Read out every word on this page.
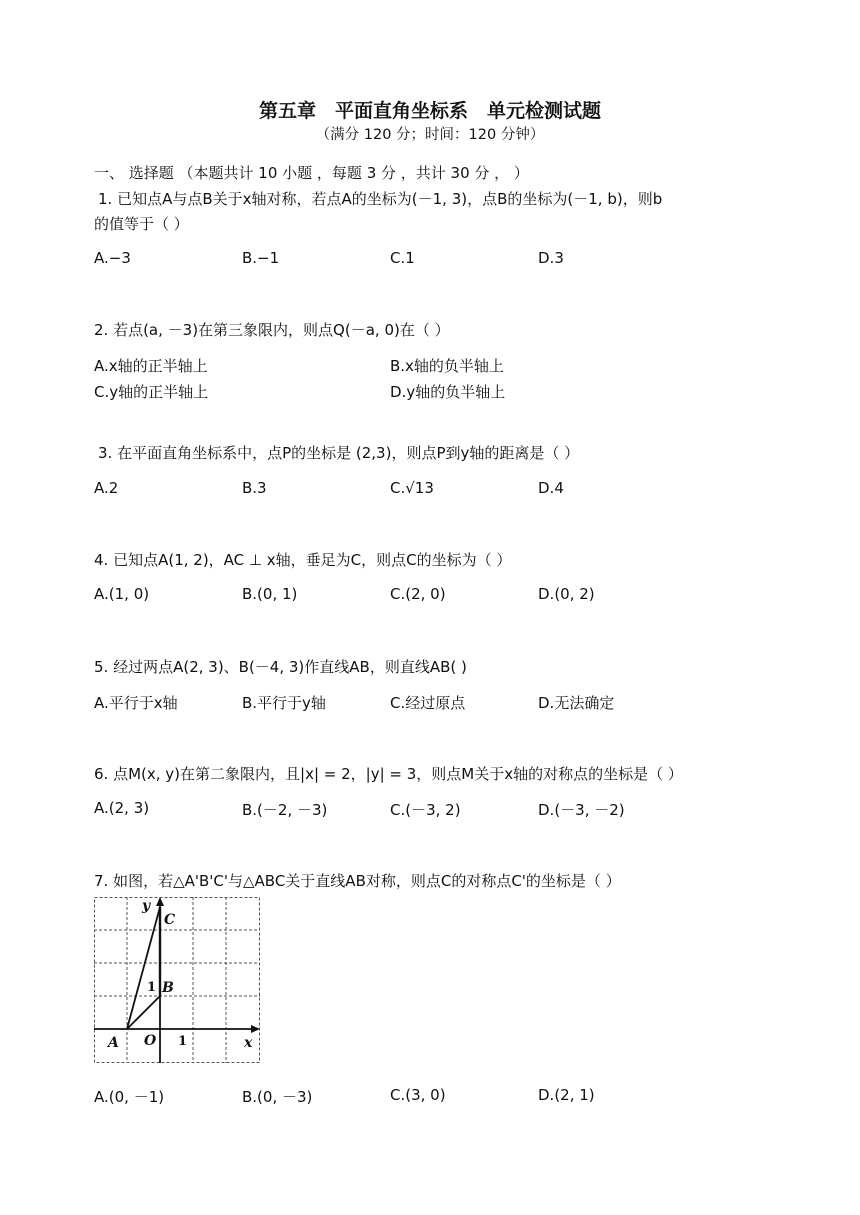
第五章　平面直角坐标系　单元检测试题
（满分 120 分；时间：120 分钟）
一、 选择题 （本题共计 10 小题 ，每题 3 分 ，共计 30 分 ， ）
1. 已知点A与点B关于x轴对称，若点A的坐标为(－1, 3)，点B的坐标为(－1, b)，则b
的值等于（ ）
A.−3	B.−1	C.1	D.3
2. 若点(a, －3)在第三象限内，则点Q(－a, 0)在（ ）
A.x轴的正半轴上	B.x轴的负半轴上
C.y轴的正半轴上	D.y轴的负半轴上
3. 在平面直角坐标系中，点P的坐标是 (2,3)，则点P到y轴的距离是（ ）
A.2	B.3	C.√13	D.4
4. 已知点A(1, 2)，AC ⊥ x轴，垂足为C，则点C的坐标为（ ）
A.(1, 0)	B.(0, 1)	C.(2, 0)	D.(0, 2)
5. 经过两点A(2, 3)、B(－4, 3)作直线AB，则直线AB( )
A.平行于x轴	B.平行于y轴	C.经过原点	D.无法确定
6. 点M(x, y)在第二象限内，且|x| = 2，|y| = 3，则点M关于x轴的对称点的坐标是（ ）
A.(2, 3)	B.(－2, －3)	C.(－3, 2)	D.(－3, －2)
7. 如图，若△A'B'C'与△ABC关于直线AB对称，则点C的对称点C'的坐标是（ ）
y
C
B
A O	x
1
1
A.(0, －1)	B.(0, －3)	C.(3, 0)	D.(2, 1)
